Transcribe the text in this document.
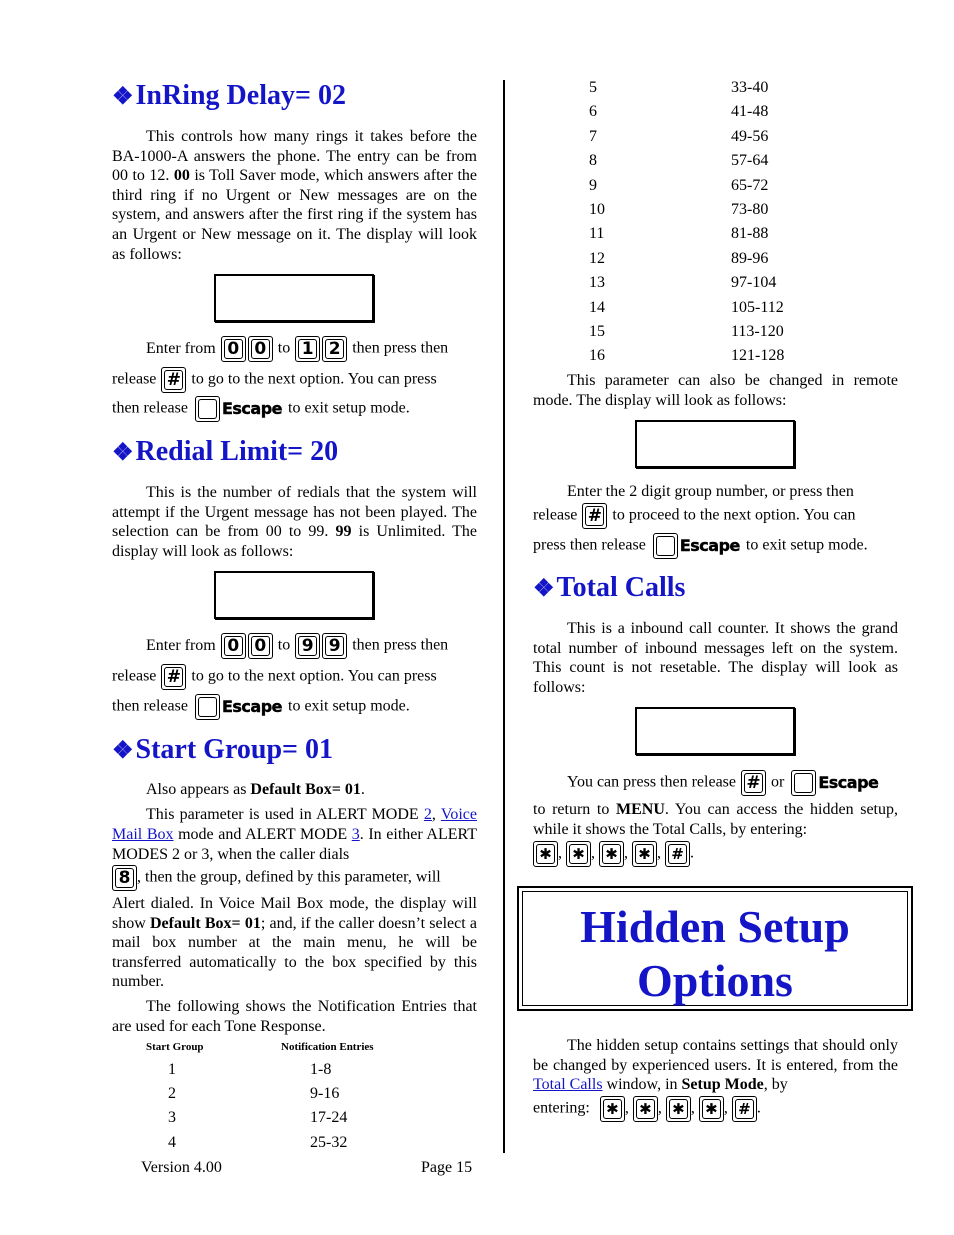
❖InRing Delay= 02
This controls how many rings it takes before the BA-1000-A answers the phone. The entry can be from 00 to 12. 00 is Toll Saver mode, which answers after the third ring if no Urgent or New messages are on the system, and answers after the first ring if the system has an Urgent or New message on it. The display will look as follows:
Enter from 0 0 to 1 2 then press then
release # to go to the next option. You can press
then release Escape to exit setup mode.
❖Redial Limit= 20
This is the number of redials that the system will attempt if the Urgent message has not been played. The selection can be from 00 to 99. 99 is Unlimited. The display will look as follows:
Enter from 0 0 to 9 9 then press then
release # to go to the next option. You can press
then release Escape to exit setup mode.
❖Start Group= 01
Also appears as Default Box= 01.
This parameter is used in ALERT MODE 2, Voice Mail Box mode and ALERT MODE 3. In either ALERT MODES 2 or 3, when the caller dials
8 , then the group, defined by this parameter, will
Alert dialed. In Voice Mail Box mode, the display will show Default Box= 01; and, if the caller doesn’t select a mail box number at the main menu, he will be transferred automatically to the box specified by this number.
The following shows the Notification Entries that are used for each Tone Response.
Start Group	Notification Entries
1	1-8
2	9-16
3	17-24
4	25-32
Version 4.00	Page 15
5	33-40
6	41-48
7	49-56
8	57-64
9	65-72
10	73-80
11	81-88
12	89-96
13	97-104
14	105-112
15	113-120
16	121-128
This parameter can also be changed in remote mode. The display will look as follows:
Enter the 2 digit group number, or press then
release # to proceed to the next option. You can
press then release Escape to exit setup mode.
❖Total Calls
This is a inbound call counter. It shows the grand total number of inbound messages left on the system. This count is not resetable. The display will look as follows:
You can press then release # or Escape
to return to MENU. You can access the hidden setup, while it shows the Total Calls, by entering:
✱ , ✱ , ✱ , ✱ , # .
Hidden Setup
Options
The hidden setup contains settings that should only be changed by experienced users. It is entered, from the Total Calls window, in Setup Mode, by
entering:	✱ , ✱ , ✱ , ✱ , # .
